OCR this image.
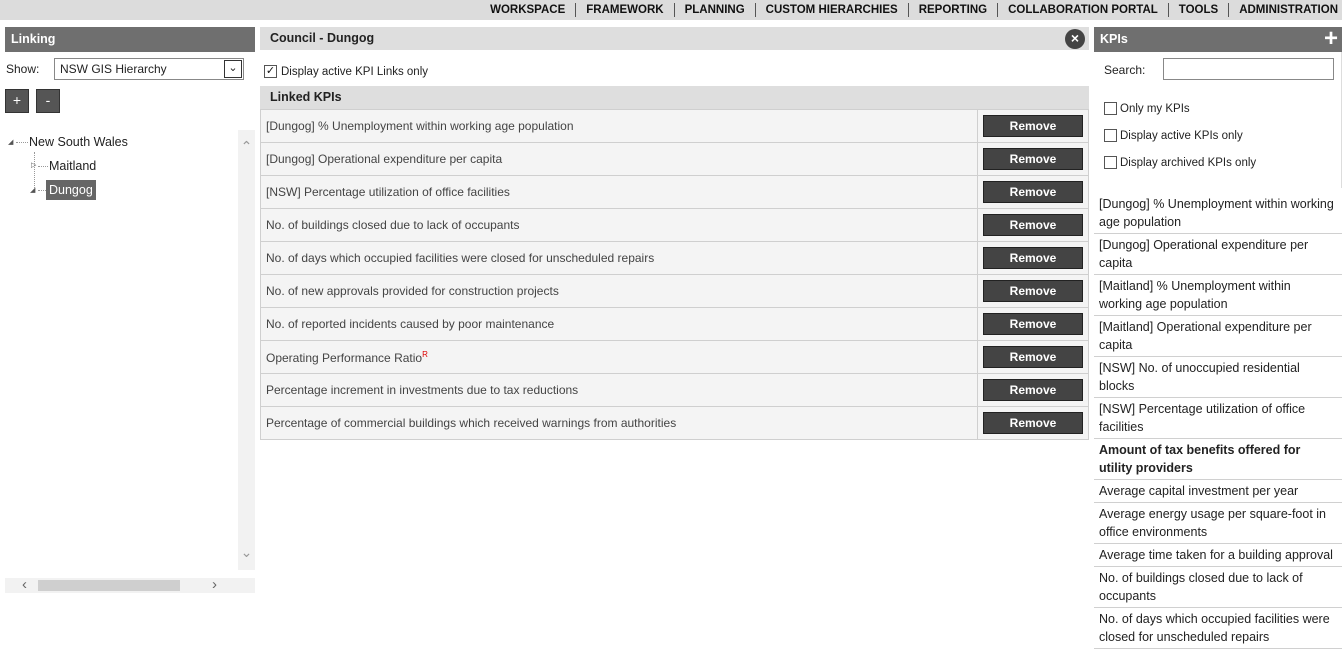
WORKSPACE	FRAMEWORK	PLANNING	CUSTOM HIERARCHIES	REPORTING	COLLABORATION PORTAL	TOOLS	ADMINISTRATION
Linking
Show:	NSW GIS Hierarchy	⌄
+	-
◢ New South Wales
▷ Maitland
◢ Dungog
⌃
⌄
‹	›
Council - Dungog	×
✓ Display active KPI Links only
Linked KPIs
[Dungog] % Unemployment within working age population	Remove
[Dungog] Operational expenditure per capita	Remove
[NSW] Percentage utilization of office facilities	Remove
No. of buildings closed due to lack of occupants	Remove
No. of days which occupied facilities were closed for unscheduled repairs	Remove
No. of new approvals provided for construction projects	Remove
No. of reported incidents caused by poor maintenance	Remove
Operating Performance Ratio$^R$	Remove
Percentage increment in investments due to tax reductions	Remove
Percentage of commercial buildings which received warnings from authorities	Remove
KPIs	+
Search:
Only my KPIs
Display active KPIs only
Display archived KPIs only
[Dungog] % Unemployment within working age population
[Dungog] Operational expenditure per capita
[Maitland] % Unemployment within working age population
[Maitland] Operational expenditure per capita
[NSW] No. of unoccupied residential blocks
[NSW] Percentage utilization of office facilities
Amount of tax benefits offered for utility providers
Average capital investment per year
Average energy usage per square-foot in office environments
Average time taken for a building approval
No. of buildings closed due to lack of occupants
No. of days which occupied facilities were closed for unscheduled repairs
